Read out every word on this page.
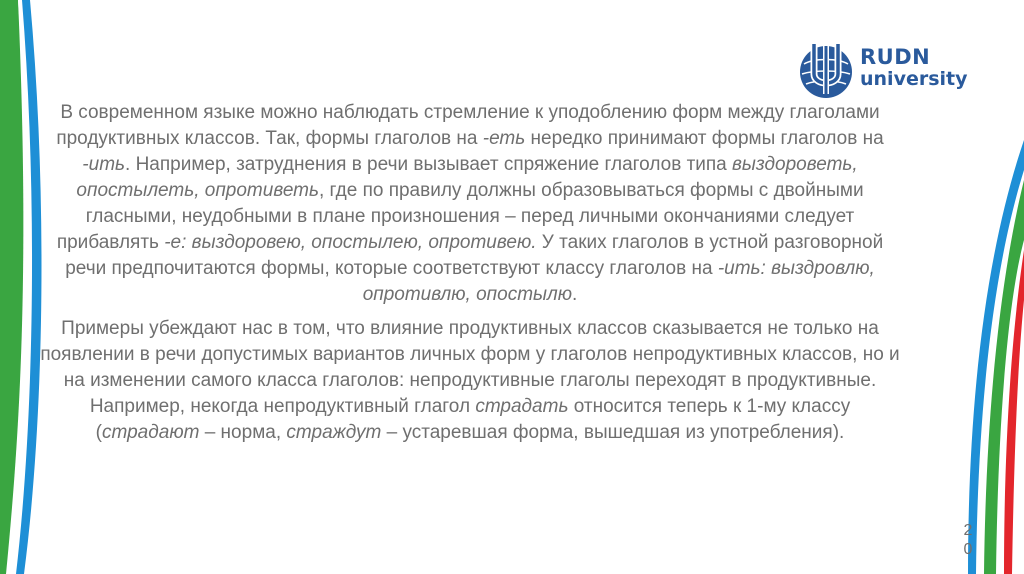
RUDN
university

В современном языке можно наблюдать стремление к уподоблению форм между глаголами продуктивных классов. Так, формы глаголов на -еть нередко принимают формы глаголов на -ить. Например, затруднения в речи вызывает спряжение глаголов типа выздороветь, опостылеть, опротиветь, где по правилу должны образовываться формы с двойными гласными, неудобными в плане произношения – перед личными окончаниями следует прибавлять -е: выздоровею, опостылею, опротивею. У таких глаголов в устной разговорной речи предпочитаются формы, которые соответствуют классу глаголов на -ить: выздровлю, опротивлю, опостылю.

Примеры убеждают нас в том, что влияние продуктивных классов сказывается не только на появлении в речи допустимых вариантов личных форм у глаголов непродуктивных классов, но и на изменении самого класса глаголов: непродуктивные глаголы переходят в продуктивные. Например, некогда непродуктивный глагол страдать относится теперь к 1-му классу (страдают – норма, страждут – устаревшая форма, вышедшая из употребления).

2
0
